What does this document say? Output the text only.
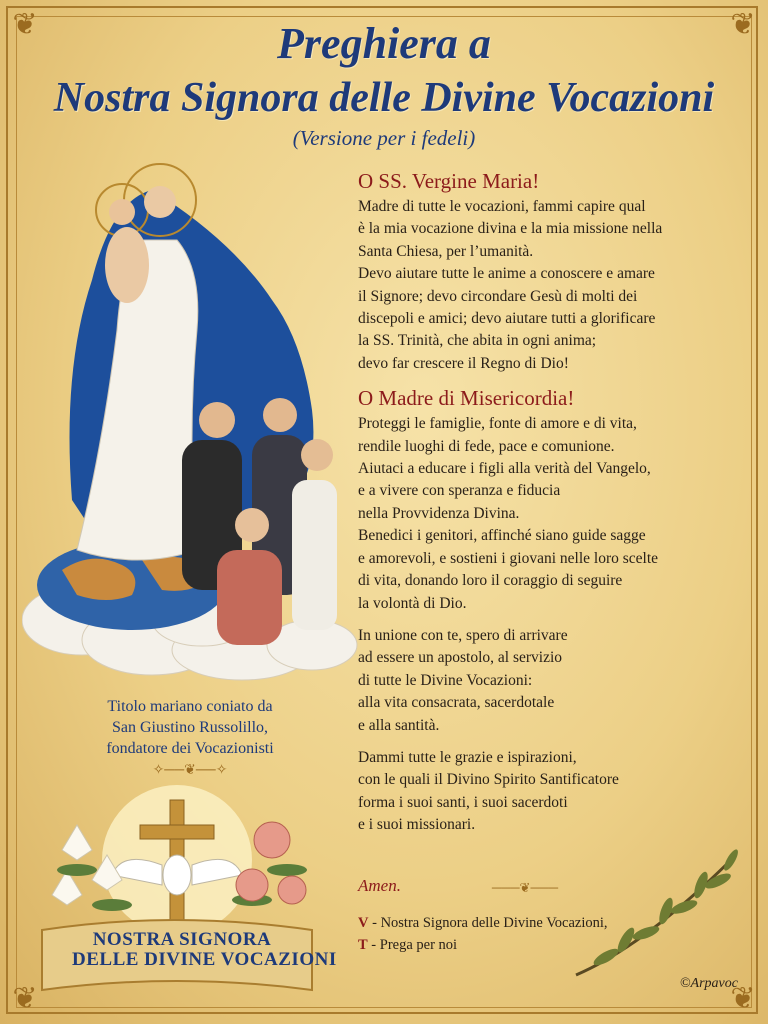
❦	❦
❦	❦
Preghiera a
Nostra Signora delle Divine Vocazioni
(Versione per i fedeli)
Titolo mariano coniato da
San Giustino Russolillo,
fondatore dei Vocazionisti
✧──❦──✧
NOSTRA SIGNORA
DELLE DIVINE VOCAZIONI
O SS. Vergine Maria!
Madre di tutte le vocazioni, fammi capire qual
è la mia vocazione divina e la mia missione nella
Santa Chiesa, per l’umanità.
Devo aiutare tutte le anime a conoscere e amare
il Signore; devo circondare Gesù di molti dei
discepoli e amici; devo aiutare tutti a glorificare
la SS. Trinità, che abita in ogni anima;
devo far crescere il Regno di Dio!
O Madre di Misericordia!
Proteggi le famiglie, fonte di amore e di vita,
rendile luoghi di fede, pace e comunione.
Aiutaci a educare i figli alla verità del Vangelo,
e a vivere con speranza e fiducia
nella Provvidenza Divina.
Benedici i genitori, affinché siano guide sagge
e amorevoli, e sostieni i giovani nelle loro scelte
di vita, donando loro il coraggio di seguire
la volontà di Dio.
In unione con te, spero di arrivare
ad essere un apostolo, al servizio
di tutte le Divine Vocazioni:
alla vita consacrata, sacerdotale
e alla santità.
Dammi tutte le grazie e ispirazioni,
con le quali il Divino Spirito Santificatore
forma i suoi santi, i suoi sacerdoti
e i suoi missionari.
Amen.	───❦───
V - Nostra Signora delle Divine Vocazioni,
T - Prega per noi
©Arpavoc
